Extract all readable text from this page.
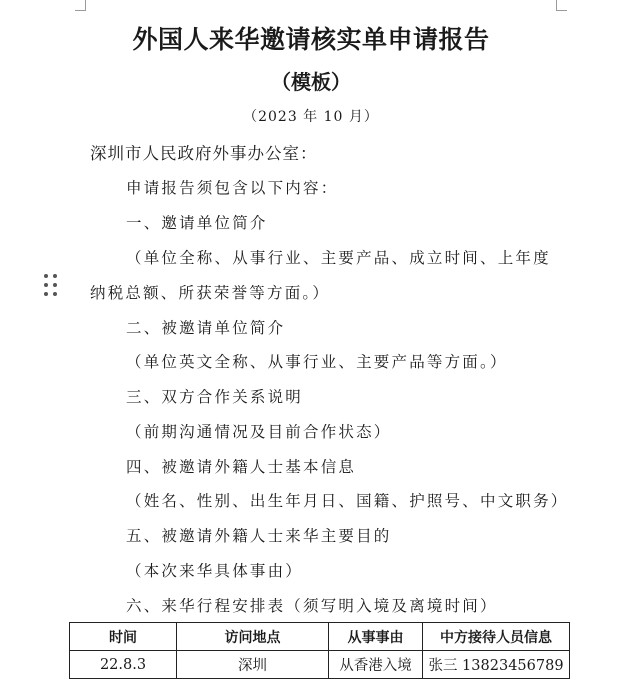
外国人来华邀请核实单申请报告
（模板）
（2023 年 10 月）
深圳市人民政府外事办公室：
申请报告须包含以下内容：
一、邀请单位简介
（单位全称、从事行业、主要产品、成立时间、上年度
纳税总额、所获荣誉等方面。）
二、被邀请单位简介
（单位英文全称、从事行业、主要产品等方面。）
三、双方合作关系说明
（前期沟通情况及目前合作状态）
四、被邀请外籍人士基本信息
（姓名、性别、出生年月日、国籍、护照号、中文职务）
五、被邀请外籍人士来华主要目的
（本次来华具体事由）
六、来华行程安排表（须写明入境及离境时间）
时间	访问地点	从事事由	中方接待人员信息
22.8.3	深圳	从香港入境	张三 13823456789
